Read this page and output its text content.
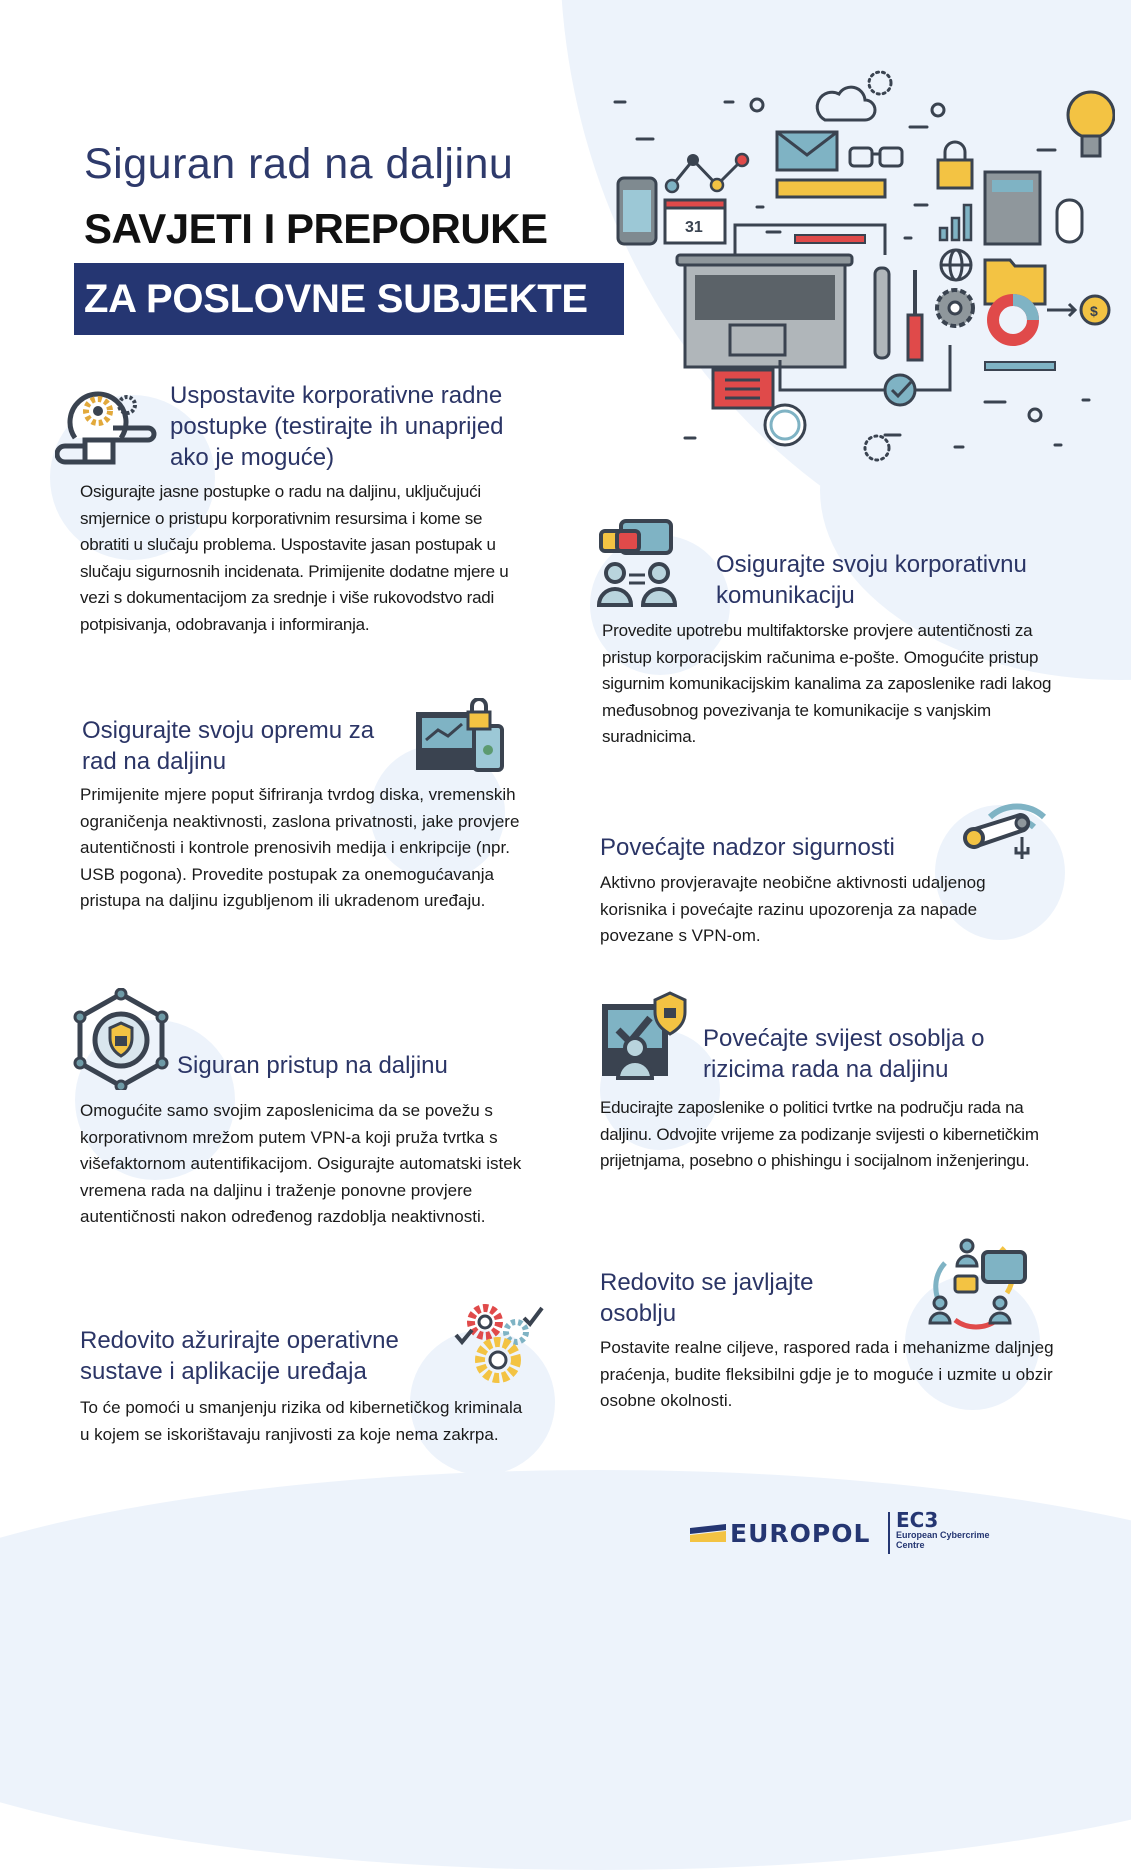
Siguran rad na daljinu
SAVJETI I PREPORUKE
ZA POSLOVNE SUBJEKTE
31
$
Uspostavite korporativne radne postupke (testirajte ih unaprijed ako je moguće)

Osigurajte jasne postupke o radu na daljinu, uključujući smjernice o pristupu korporativnim resursima i kome se obratiti u slučaju problema. Uspostavite jasan postupak u slučaju sigurnosnih incidenata. Primijenite dodatne mjere u vezi s dokumentacijom za srednje i više rukovodstvo radi potpisivanja, odobravanja i informiranja.

Osigurajte svoju opremu za rad na daljinu

Primijenite mjere poput šifriranja tvrdog diska, vremenskih ograničenja neaktivnosti, zaslona privatnosti, jake provjere autentičnosti i kontrole prenosivih medija i enkripcije (npr. USB pogona). Provedite postupak za onemogućavanja pristupa na daljinu izgubljenom ili ukradenom uređaju.

Siguran pristup na daljinu

Omogućite samo svojim zaposlenicima da se povežu s korporativnom mrežom putem VPN-a koji pruža tvrtka s višefaktornom autentifikacijom. Osigurajte automatski istek vremena rada na daljinu i traženje ponovne provjere autentičnosti nakon određenog razdoblja neaktivnosti.

Redovito ažurirajte operativne sustave i aplikacije uređaja

To će pomoći u smanjenju rizika od kibernetičkog kriminala u kojem se iskorištavaju ranjivosti za koje nema zakrpa.

Osigurajte svoju korporativnu komunikaciju

Provedite upotrebu multifaktorske provjere autentičnosti za pristup korporacijskim računima e-pošte. Omogućite pristup sigurnim komunikacijskim kanalima za zaposlenike radi lakog međusobnog povezivanja te komunikacije s vanjskim suradnicima.

Povećajte nadzor sigurnosti

Aktivno provjeravajte neobične aktivnosti udaljenog korisnika i povećajte razinu upozorenja za napade povezane s VPN-om.

Povećajte svijest osoblja o rizicima rada na daljinu

Educirajte zaposlenike o politici tvrtke na području rada na daljinu. Odvojite vrijeme za podizanje svijesti o kibernetičkim prijetnjama, posebno o phishingu i socijalnom inženjeringu.

Redovito se javljajte osoblju

Postavite realne ciljeve, raspored rada i mehanizme daljnjeg praćenja, budite fleksibilni gdje je to moguće i uzmite u obzir osobne okolnosti.

EUROPOL EC3
European Cybercrime Centre
